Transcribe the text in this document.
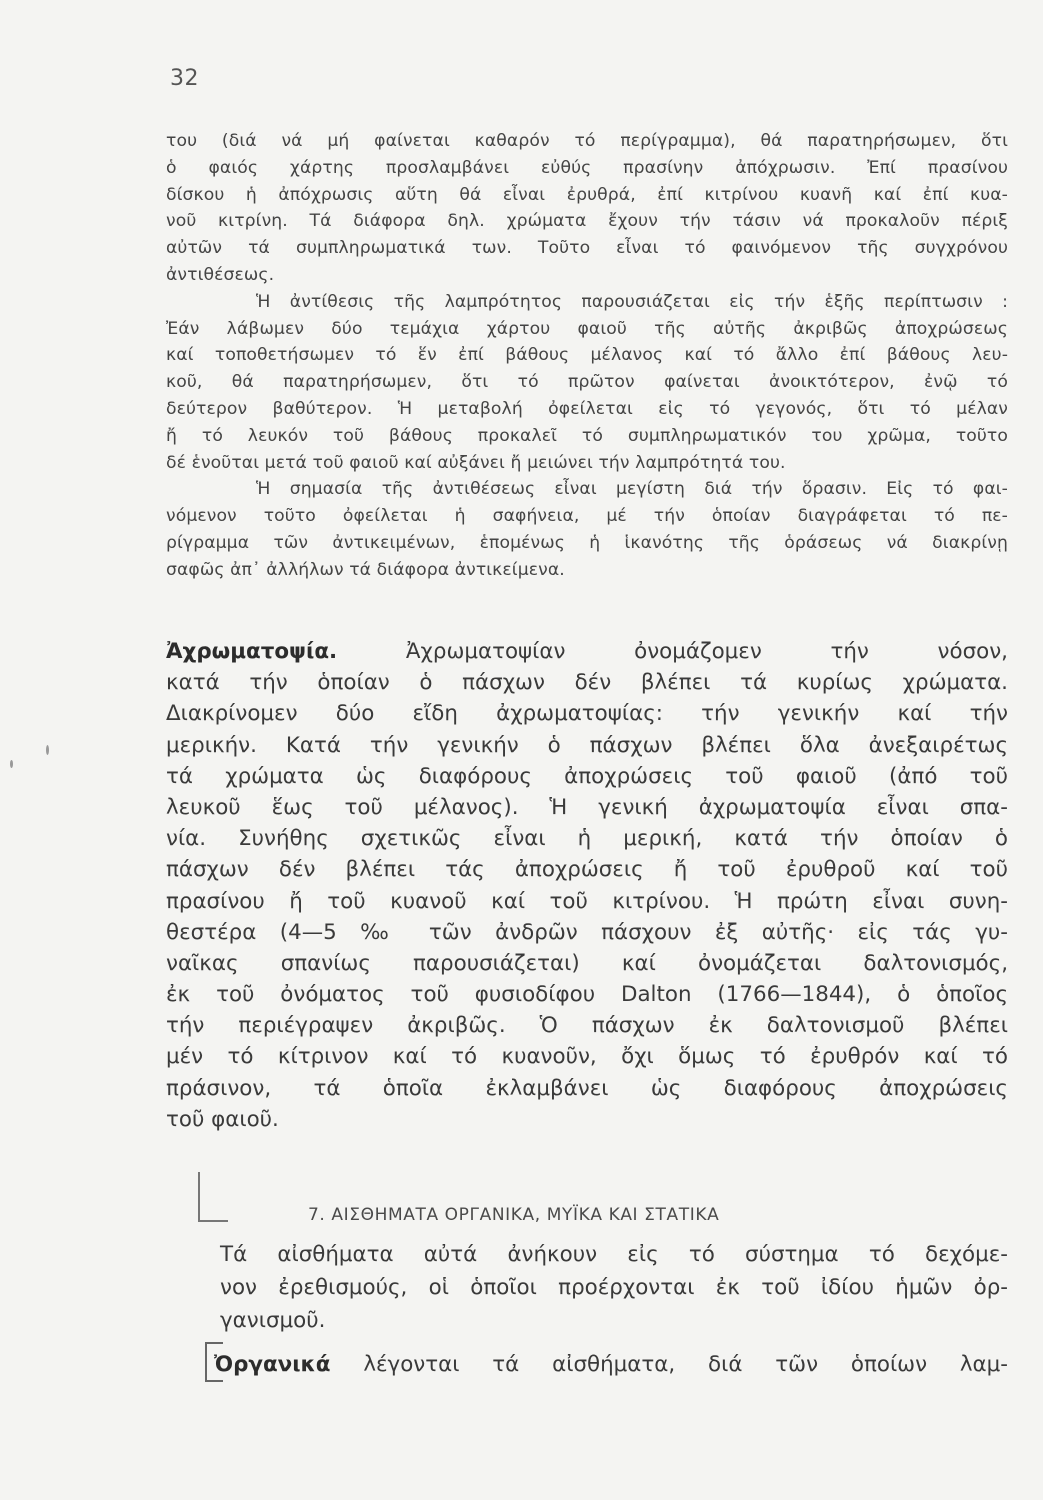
32
του (διά νά μή φαίνεται καθαρόν τό περίγραμμα), θά παρατηρήσωμεν, ὅτι
ὁ φαιός χάρτης προσλαμβάνει εὐθύς πρασίνην ἀπόχρωσιν. Ἐπί πρασίνου
δίσκου ἡ ἀπόχρωσις αὕτη θά εἶναι ἐρυθρά, ἐπί κιτρίνου κυανῆ καί ἐπί κυα-
νοῦ κιτρίνη. Τά διάφορα δηλ. χρώματα ἔχουν τήν τάσιν νά προκαλοῦν πέριξ
αὐτῶν τά συμπληρωματικά των. Τοῦτο εἶναι τό φαινόμενον τῆς συγχρόνου
ἀντιθέσεως.
Ἡ ἀντίθεσις τῆς λαμπρότητος παρουσιάζεται εἰς τήν ἑξῆς περίπτωσιν :
Ἐάν λάβωμεν δύο τεμάχια χάρτου φαιοῦ τῆς αὐτῆς ἀκριβῶς ἀποχρώσεως
καί τοποθετήσωμεν τό ἕν ἐπί βάθους μέλανος καί τό ἄλλο ἐπί βάθους λευ-
κοῦ, θά παρατηρήσωμεν, ὅτι τό πρῶτον φαίνεται ἀνοικτότερον, ἐνῷ τό
δεύτερον βαθύτερον. Ἡ μεταβολή ὀφείλεται εἰς τό γεγονός, ὅτι τό μέλαν
ἤ τό λευκόν τοῦ βάθους προκαλεῖ τό συμπληρωματικόν του χρῶμα, τοῦτο
δέ ἑνοῦται μετά τοῦ φαιοῦ καί αὐξάνει ἤ μειώνει τήν λαμπρότητά του.
Ἡ σημασία τῆς ἀντιθέσεως εἶναι μεγίστη διά τήν ὅρασιν. Εἰς τό φαι-
νόμενον τοῦτο ὀφείλεται ἡ σαφήνεια, μέ τήν ὁποίαν διαγράφεται τό πε-
ρίγραμμα τῶν ἀντικειμένων, ἑπομένως ἡ ἱκανότης τῆς ὁράσεως νά διακρίνῃ
σαφῶς ἀπ᾽ ἀλλήλων τά διάφορα ἀντικείμενα.
Ἀχρωματοψία.	Ἀχρωματοψίαν ὀνομάζομεν τήν νόσον,
κατά τήν ὁποίαν ὁ πάσχων δέν βλέπει τά κυρίως χρώματα.
Διακρίνομεν δύο εἴδη ἀχρωματοψίας: τήν γενικήν καί τήν
μερικήν. Κατά τήν γενικήν ὁ πάσχων βλέπει ὅλα ἀνεξαιρέτως
τά χρώματα ὡς διαφόρους ἀποχρώσεις τοῦ φαιοῦ (ἀπό τοῦ
λευκοῦ ἕως τοῦ μέλανος). Ἡ γενική ἀχρωματοψία εἶναι σπα-
νία. Συνήθης σχετικῶς εἶναι ἡ μερική, κατά τήν ὁποίαν ὁ
πάσχων δέν βλέπει τάς ἀποχρώσεις ἤ τοῦ ἐρυθροῦ καί τοῦ
πρασίνου ἤ τοῦ κυανοῦ καί τοῦ κιτρίνου. Ἡ πρώτη εἶναι συνη-
θεστέρα (4—5 ‰ τῶν ἀνδρῶν πάσχουν ἐξ αὐτῆς· εἰς τάς γυ-
ναῖκας σπανίως παρουσιάζεται) καί ὀνομάζεται δαλτονισμός,
ἐκ τοῦ ὀνόματος τοῦ φυσιοδίφου Dalton (1766—1844), ὁ ὁποῖος
τήν περιέγραψεν ἀκριβῶς. Ὁ πάσχων ἐκ δαλτονισμοῦ βλέπει
μέν τό κίτρινον καί τό κυανοῦν, ὄχι ὅμως τό ἐρυθρόν καί τό
πράσινον, τά ὁποῖα ἐκλαμβάνει ὡς διαφόρους ἀποχρώσεις
τοῦ φαιοῦ.
7. ΑΙΣΘΗΜΑΤΑ ΟΡΓΑΝΙΚΑ, ΜΥΪΚΑ ΚΑΙ ΣΤΑΤΙΚΑ
Τά αἰσθήματα αὐτά ἀνήκουν εἰς τό σύστημα τό δεχόμε-
νον ἐρεθισμούς, οἱ ὁποῖοι προέρχονται ἐκ τοῦ ἰδίου ἡμῶν ὀρ-
γανισμοῦ.
Ὀργανικά λέγονται τά αἰσθήματα, διά τῶν ὁποίων λαμ-
